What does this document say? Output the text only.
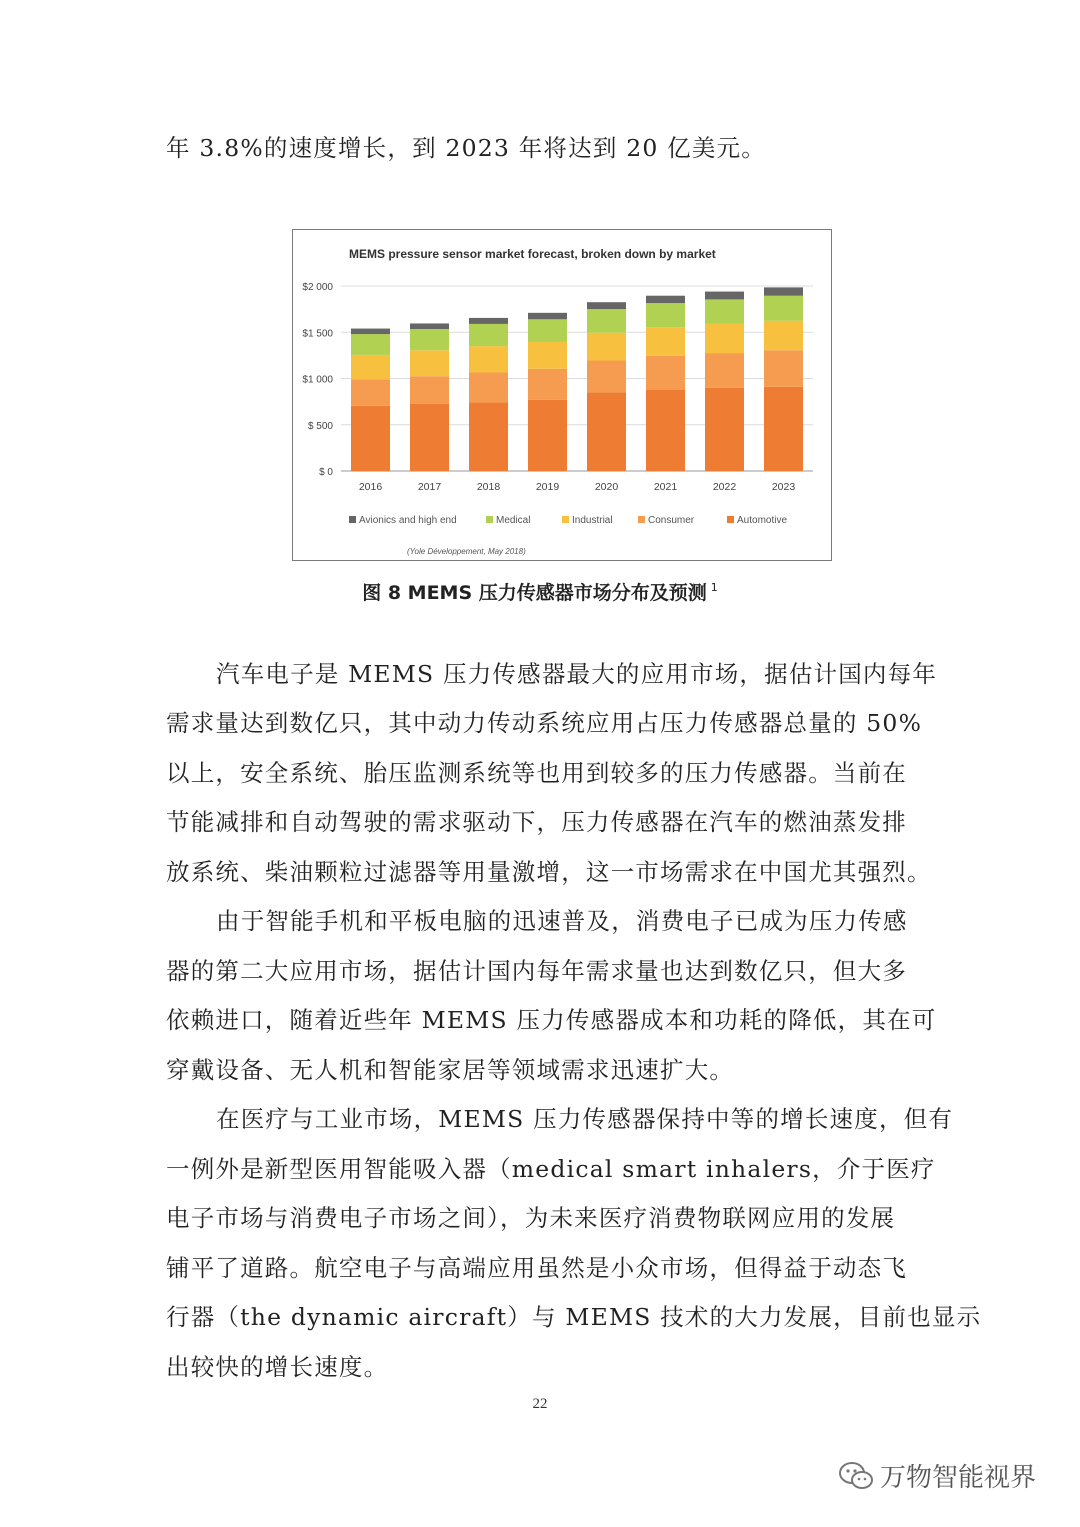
年 3.8%的速度增长，到 2023 年将达到 20 亿美元。
MEMS pressure sensor market forecast, broken down by market
$ 0
$ 500
$1 000
$1 500
$2 000
2016	2017	2018	2019	2020	2021	2022	2023
Avionics and high end	Medical	Industrial	Consumer	Automotive
(Yole Développement, May 2018)
图 8 MEMS 压力传感器市场分布及预测 $^1$
汽车电子是 MEMS 压力传感器最大的应用市场，据估计国内每年
需求量达到数亿只，其中动力传动系统应用占压力传感器总量的 50%
以上，安全系统、胎压监测系统等也用到较多的压力传感器。当前在
节能减排和自动驾驶的需求驱动下，压力传感器在汽车的燃油蒸发排
放系统、柴油颗粒过滤器等用量激增，这一市场需求在中国尤其强烈。
由于智能手机和平板电脑的迅速普及，消费电子已成为压力传感
器的第二大应用市场，据估计国内每年需求量也达到数亿只，但大多
依赖进口，随着近些年 MEMS 压力传感器成本和功耗的降低，其在可
穿戴设备、无人机和智能家居等领域需求迅速扩大。
在医疗与工业市场，MEMS 压力传感器保持中等的增长速度，但有
一例外是新型医用智能吸入器（medical smart inhalers，介于医疗
电子市场与消费电子市场之间），为未来医疗消费物联网应用的发展
铺平了道路。航空电子与高端应用虽然是小众市场，但得益于动态飞
行器（the dynamic aircraft）与 MEMS 技术的大力发展，目前也显示
出较快的增长速度。
22
万物智能视界
